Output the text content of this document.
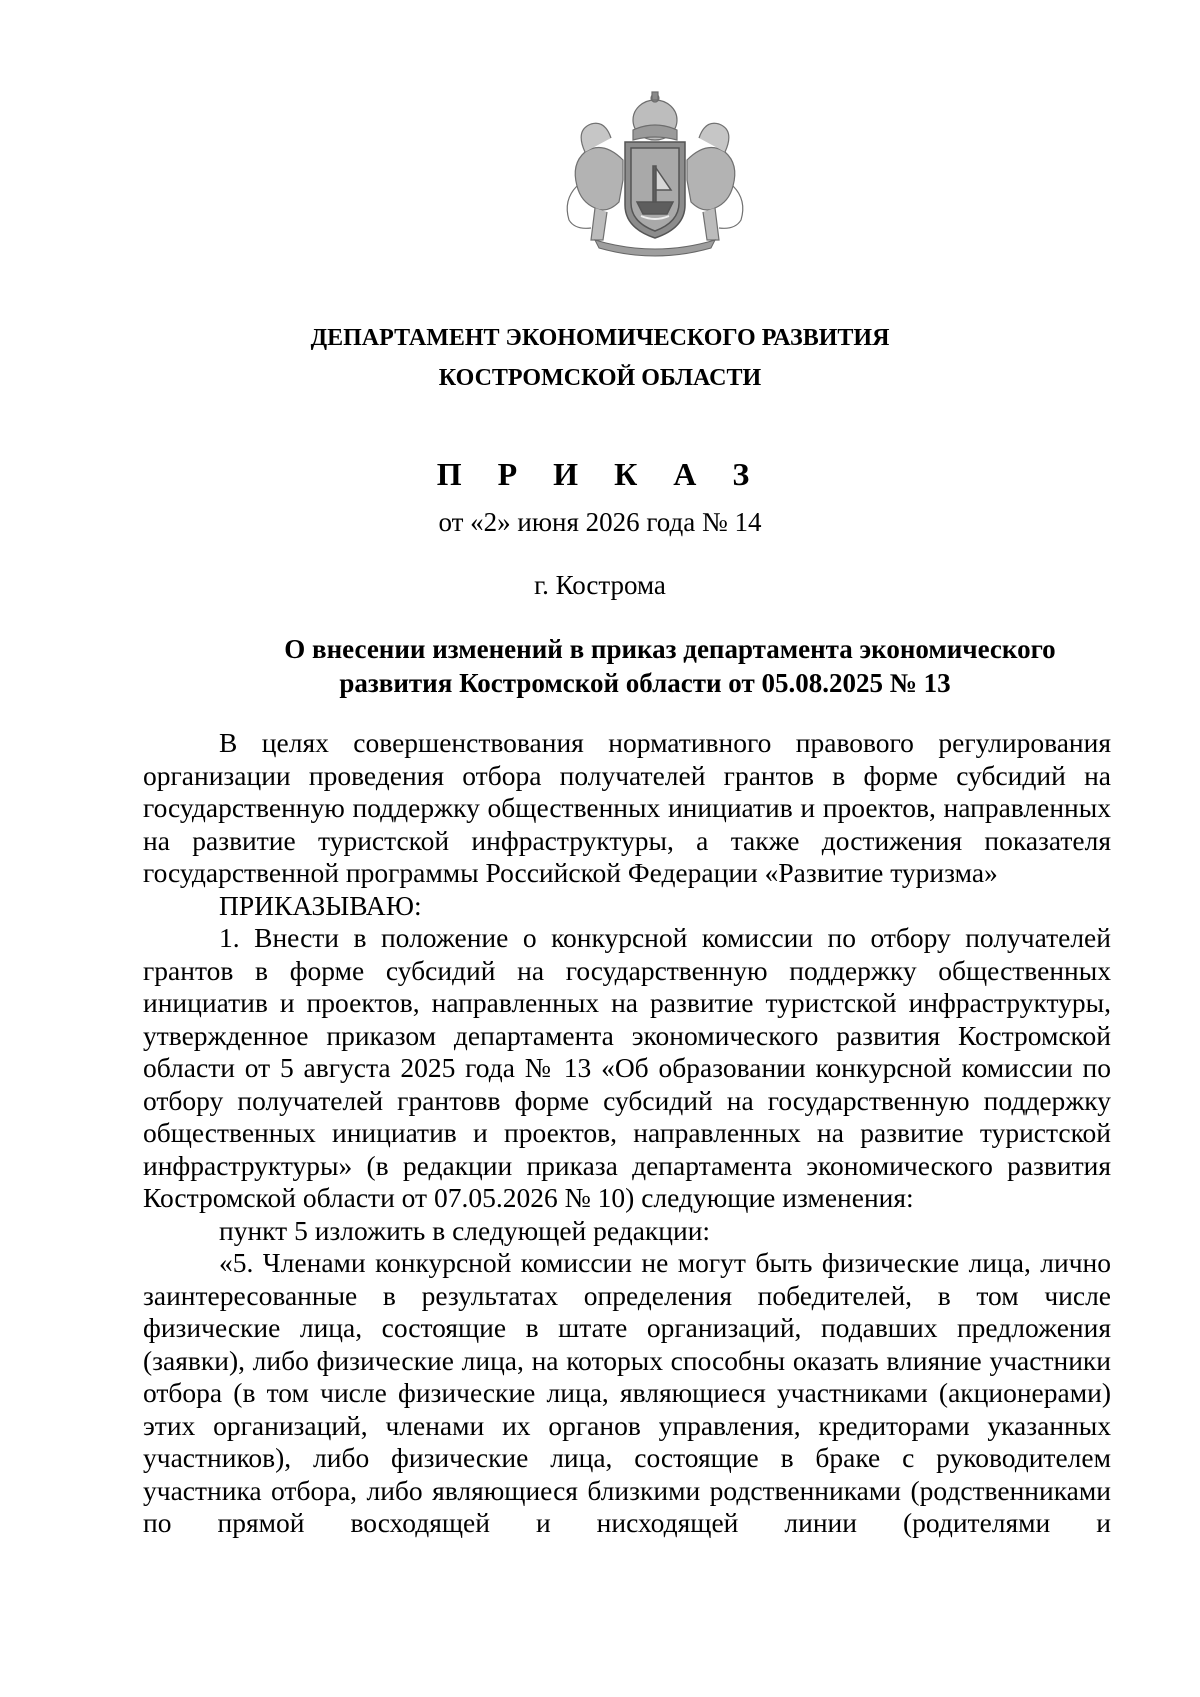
ДЕПАРТАМЕНТ ЭКОНОМИЧЕСКОГО РАЗВИТИЯ
КОСТРОМСКОЙ ОБЛАСТИ
П Р И К А З
от «2» июня 2026 года № 14
г. Кострома
О внесении изменений в приказ департамента экономического
развития Костромской области от 05.08.2025 № 13

В целях совершенствования нормативного правового регулирования организации проведения отбора получателей грантов в форме субсидий на государственную поддержку общественных инициатив и проектов, направленных на развитие туристской инфраструктуры, а также достижения показателя государственной программы Российской Федерации «Развитие туризма»

ПРИКАЗЫВАЮ:

1. Внести в положение о конкурсной комиссии по отбору получателей грантов в форме субсидий на государственную поддержку общественных инициатив и проектов, направленных на развитие туристской инфраструктуры, утвержденное приказом департамента экономического развития Костромской области от 5 августа 2025 года № 13 «Об образовании конкурсной комиссии по отбору получателей грантовв форме субсидий на государственную поддержку общественных инициатив и проектов, направленных на развитие туристской инфраструктуры» (в редакции приказа департамента экономического развития Костромской области от 07.05.2026 № 10) следующие изменения:

пункт 5 изложить в следующей редакции:

«5. Членами конкурсной комиссии не могут быть физические лица, лично заинтересованные в результатах определения победителей, в том числе физические лица, состоящие в штате организаций, подавших предложения (заявки), либо физические лица, на которых способны оказать влияние участники отбора (в том числе физические лица, являющиеся участниками (акционерами) этих организаций, членами их органов управления, кредиторами указанных участников), либо физические лица, состоящие в браке с руководителем участника отбора, либо являющиеся близкими родственниками (родственниками по прямой восходящей и нисходящей линии (родителями и
